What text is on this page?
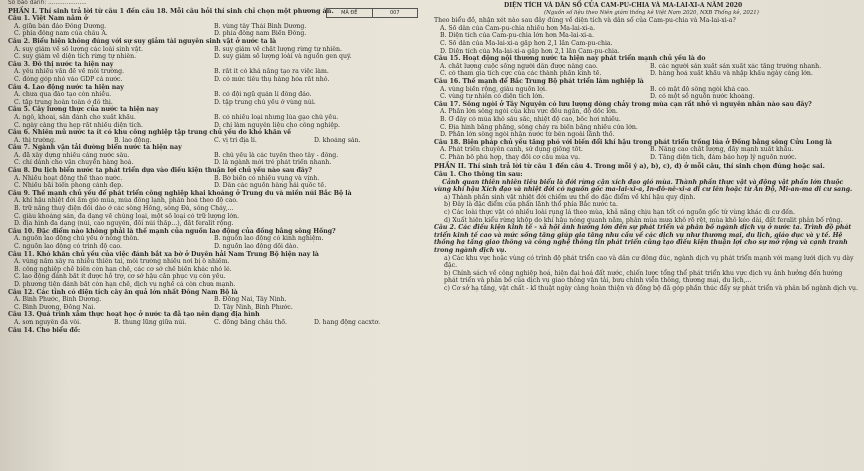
Số báo danh: .....................
MÃ ĐỀ	007
PHẦN I. Thí sinh trả lời từ câu 1 đến câu 18. Mỗi câu hỏi thí sinh chỉ chọn một phương án.
Câu 1. Việt Nam nằm ở
A. giữa bán đảo Đông Dương.	B. vùng tây Thái Bình Dương.
C. phía đông nam của châu Á.	D. phía đông nam Biển Đông.
Câu 2. Biểu hiện không đúng với sự suy giảm tài nguyên sinh vật ở nước ta là
A. suy giảm về số lượng các loài sinh vật.	B. suy giảm về chất lượng rừng tự nhiên.
C. suy giảm về diện tích rừng tự nhiên.	D. suy giảm số lượng loài và nguồn gen quý.
Câu 3. Đô thị nước ta hiện nay
A. yêu nhiều vấn đề về môi trường.	B. rất ít có khả năng tạo ra việc làm.
C. đóng góp nhỏ vào GDP cả nước.	D. có mức tiêu thụ hàng hóa rất nhỏ.
Câu 4. Lao động nước ta hiện nay
A. chưa qua đào tạo còn nhiều.	B. có đội ngũ quản lí đông đảo.
C. tập trung hoàn toàn ở đô thị.	D. tập trung chủ yếu ở vùng núi.
Câu 5. Cây lương thực của nước ta hiện nay
A. ngô, khoai, sắn đánh cho xuất khẩu.	B. có nhiều loại nhưng lúa gạo chủ yếu.
C. ngày càng thu hẹp rất nhiều diện tích.	D. chỉ làm nguyên liệu cho công nghiệp.
Câu 6. Nhiên mũ nước ta ít có khu công nghiệp tập trung chủ yếu do khó khăn về
A. thị trường.	B. lao động.	C. vị trí địa lí.	D. khoáng sản.
Câu 7. Ngành vận tải đường biển nước ta hiện nay
A. đã xây dựng nhiều cảng nước sâu.	B. chủ yếu là các tuyến theo tây - đông.
C. chỉ dành cho vận chuyển hàng hoá.	D. là ngành mới trẻ phát triển nhanh.
Câu 8. Du lịch biển nước ta phát triển dựa vào điều kiện thuận lợi chủ yếu nào sau đây?
A. Nhiều hoạt động thể thao nước.	B. Bờ biển có nhiều vụng và vịnh.
C. Nhiều bãi biển phong cảnh đẹp.	D. Dân các nguồn hàng hải quốc tế.
Câu 9. Thế mạnh chủ yếu để phát triển công nghiệp khai khoáng ở Trung du và miền núi Bắc Bộ là
A. khí hậu nhiệt đới ẩm gió mùa, mùa đông lạnh, phân hoá theo độ cao.
B. trữ năng thuỷ điện đồi dào ở các sông Hồng, sông Đà, sông Chảy,...
C. giàu khoáng sản, đa dạng về chủng loại, một số loại có trữ lượng lớn.
D. địa hình đa dạng (núi, cao nguyên, đồi núi thấp...), đất feralit rộng.
Câu 10. Đặc điểm nào không phải là thế mạnh của nguồn lao động của đồng bằng sông Hồng?
A. nguồn lao động chủ yếu ở nông thôn.	B. nguồn lao động có kinh nghiệm.
C. nguồn lao động có trình độ cao.	D. nguồn lao động dồi dào.
Câu 11. Khó khăn chủ yếu của việc đánh bắt xa bờ ở Duyên hải Nam Trung Bộ hiện nay là
A. vùng nằm xây ra nhiều thiên tai, môi trường nhiều nơi bị ô nhiễm.
B. công nghiệp chế biến còn hạn chế, các cơ sở chế biến khác nhỏ lẻ.
C. lao động đánh bắt ít được hỗ trợ, cơ sở hậu cần phục vụ còn yếu.
D. phương tiện đánh bắt còn hạn chế, dịch vụ nghề cá còn chưa mạnh.
Câu 12. Các tỉnh có diện tích cây ăn quả lớn nhất Đông Nam Bộ là
A. Bình Phước, Bình Dương.	B. Đồng Nai, Tây Ninh.
C. Bình Dương, Đồng Nai.	D. Tây Ninh, Bình Phước.
Câu 13. Quá trình xâm thực hoạt học ở nước ta đã tạo nên dạng địa hình
A. sơn nguyên đá vôi.	B. thung lũng giữa núi.	C. đồng bằng châu thổ.	D. hang động cacxtơ.
Câu 14. Cho biểu đồ:
DIỆN TÍCH VÀ DÂN SỐ CỦA CAM-PU-CHIA VÀ MA-LAI-XI-A NĂM 2020
(Nguồn số liệu theo Niên giám thống kê Việt Nam 2020, NXB Thống kê, 2021)
Theo biểu đồ, nhận xét nào sau đây đúng về diện tích và dân số của Cam-pu-chia và Ma-lai-xi-a?
A. Số dân của Cam-pu-chia nhiều hơn Ma-lai-xi-a.
B. Diện tích của Cam-pu-chia lớn hơn Ma-lai-xi-a.
C. Số dân của Ma-lai-xi-a gấp hơn 2,1 lần Cam-pu-chia.
D. Diện tích của Ma-lai-xi-a gấp hơn 2,1 lần Cam-pu-chia.
Câu 15. Hoạt động nội thương nước ta hiện nay phát triển mạnh chủ yếu là do
A. chất lượng cuộc sống người dân được nâng cao.	B. các người sản xuất sản xuất xác tăng trưởng nhanh.
C. có tham gia tích cực của các thành phần kinh tế.	D. hàng hoá xuất khẩu và nhập khẩu ngày càng lớn.
Câu 16. Thế mạnh để Bắc Trung Bộ phát triển lâm nghiệp là
A. vùng biển rộng, giàu nguồn lợi.	B. có mật độ sông ngòi khá cao.
C. vùng tự nhiên có diện tích lớn.	D. có một số nguồn nước khoáng.
Câu 17. Sông ngòi ở Tây Nguyên có lưu lượng dòng chảy trong mùa cạn rất nhỏ vì nguyên nhân nào sau đây?
A. Phần lớn sông ngòi của khu vực đều ngắn, độ dốc lớn.
B. Ở đây có mùa khô sâu sắc, nhiệt độ cao, bốc hơi nhiều.
C. Địa hình bằng phẳng, sông chảy ra biển bằng nhiều cửa lớn.
D. Phần lớn sông ngòi nhận nước từ bên ngoài lãnh thổ.
Câu 18. Biện pháp chủ yếu tăng phó với biến đổi khí hậu trong phát triển trồng lúa ở Đồng bằng sông Cửu Long là
A. Phát triển chuyên canh, sử dụng giống tốt.	B. Nâng cao chất lượng, đầy mạnh xuất khẩu.
C. Phân bố phù hợp, thay đổi cơ cấu mùa vụ.	D. Tăng diện tích, đảm bảo hợp lý nguồn nước.
PHẦN II. Thí sinh trả lời từ câu 1 đến câu 4. Trong mỗi ý a), b), c), d) ở mỗi câu, thí sinh chọn đúng hoặc sai.
Câu 1. Cho thông tin sau:
Cảnh quan thiên nhiên tiêu biểu là đới rừng cận xích đạo gió mùa. Thành phần thực vật và động vật phần lớn thuộc vùng khí hậu Xích đạo và nhiệt đới có nguồn gốc ma-lai-xi-a, In-đô-nê-xi-a di cư lên hoặc từ Ấn Độ, Mi-an-ma di cư sang.
a) Thành phần sinh vật nhiệt đới chiếm ưu thế do đặc điểm về khí hậu quy định.
b) Đây là đặc điểm của phần lãnh thổ phía Bắc nước ta.
c) Các loài thực vật có nhiều loài rụng lá theo mùa, khả năng chịu hạn tốt có nguồn gốc từ vùng khác di cư đến.
d) Xuất hiện kiểu rừng khộp do khí hậu nóng quanh năm, phân mùa mưa khô rõ rệt, mùa khô kéo dài, đất feralit phân bố rộng.
Câu 2. Các điều kiện kinh tế - xã hội ảnh hưởng lớn đến sự phát triển và phân bố ngành dịch vụ ở nước ta. Trình độ phát triển kinh tế cao và mức sống tăng giúp gia tăng nhu cầu về các dịch vụ như thương mại, du lịch, giáo dục và y tế. Hệ thống hạ tầng giao thông và công nghệ thông tin phát triển cũng tạo điều kiện thuận lợi cho sự mở rộng và cạnh tranh trong ngành dịch vụ.
a) Các khu vực hoặc vùng có trình độ phát triển cao và dân cư đông đúc, ngành dịch vụ phát triển mạnh với mạng lưới dịch vụ dày đặc.
b) Chính sách về công nghiệp hoá, hiện đại hoá đất nước, chiến lược tổng thể phát triển khu vực dịch vụ ảnh hưởng đến hướng phát triển và phân bố của dịch vụ giao thông vận tải, bưu chính viễn thông, thương mại, du lịch,...
c) Cơ sở hạ tầng, vật chất - kĩ thuật ngày càng hoàn thiện và đồng bộ đã góp phần thúc đẩy sự phát triển và phân bố ngành dịch vụ.
